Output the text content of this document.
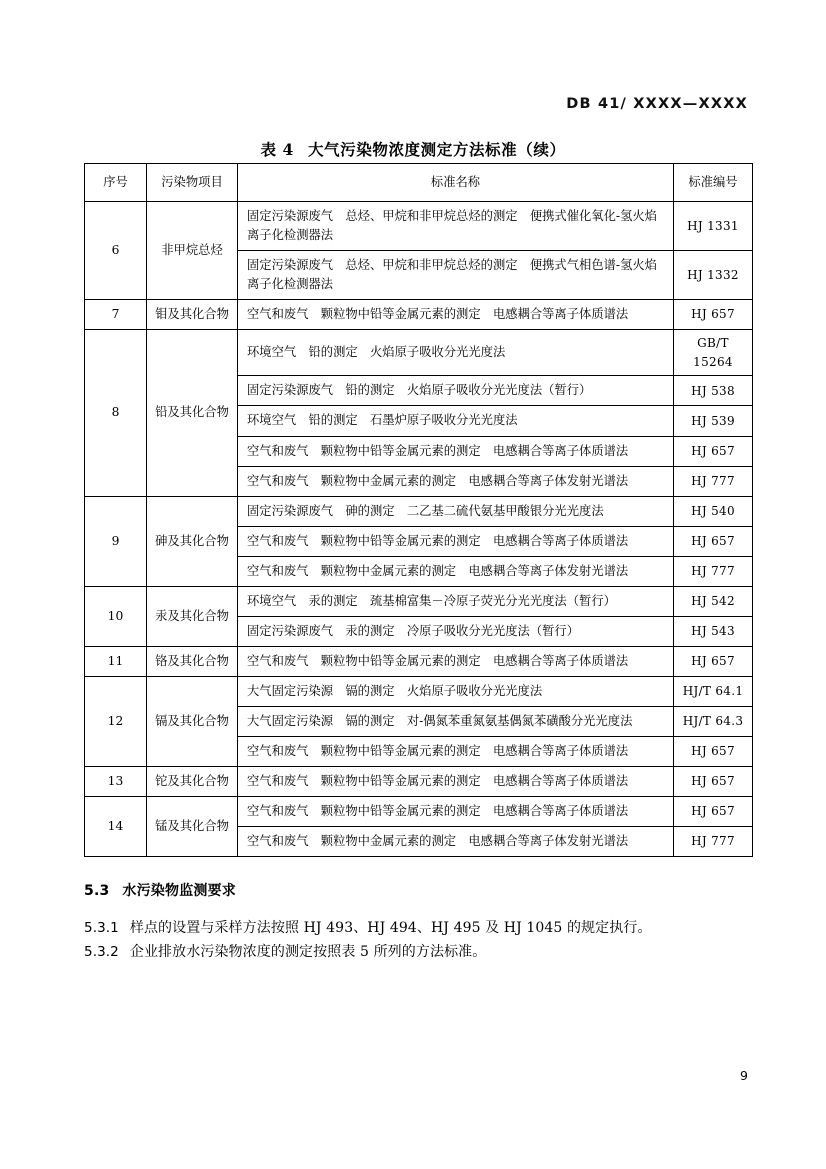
DB 41/ XXXX—XXXX
表 4 大气污染物浓度测定方法标准（续）
序号	污染物项目	标准名称	标准编号

6	非甲烷总烃	固定污染源废气　总烃、甲烷和非甲烷总烃的测定　便携式催化氧化-氢火焰离子化检测器法	HJ 1331

		固定污染源废气　总烃、甲烷和非甲烷总烃的测定　便携式气相色谱-氢火焰离子化检测器法	HJ 1332

7	钼及其化合物	空气和废气　颗粒物中铅等金属元素的测定　电感耦合等离子体质谱法	HJ 657

8	铅及其化合物	环境空气　铅的测定　火焰原子吸收分光光度法	GB/T 15264

		固定污染源废气　铅的测定　火焰原子吸收分光光度法（暂行）	HJ 538

		环境空气　铅的测定　石墨炉原子吸收分光光度法	HJ 539

		空气和废气　颗粒物中铅等金属元素的测定　电感耦合等离子体质谱法	HJ 657

		空气和废气　颗粒物中金属元素的测定　电感耦合等离子体发射光谱法	HJ 777

9	砷及其化合物	固定污染源废气　砷的测定　二乙基二硫代氨基甲酸银分光光度法	HJ 540

		空气和废气　颗粒物中铅等金属元素的测定　电感耦合等离子体质谱法	HJ 657

		空气和废气　颗粒物中金属元素的测定　电感耦合等离子体发射光谱法	HJ 777

10	汞及其化合物	环境空气　汞的测定　巯基棉富集－冷原子荧光分光光度法（暂行）	HJ 542

		固定污染源废气　汞的测定　冷原子吸收分光光度法（暂行）	HJ 543

11	铬及其化合物	空气和废气　颗粒物中铅等金属元素的测定　电感耦合等离子体质谱法	HJ 657

12	镉及其化合物	大气固定污染源　镉的测定　火焰原子吸收分光光度法	HJ/T 64.1

		大气固定污染源　镉的测定　对-偶氮苯重氮氨基偶氮苯磺酸分光光度法	HJ/T 64.3

		空气和废气　颗粒物中铅等金属元素的测定　电感耦合等离子体质谱法	HJ 657

13	铊及其化合物	空气和废气　颗粒物中铅等金属元素的测定　电感耦合等离子体质谱法	HJ 657

14	锰及其化合物	空气和废气　颗粒物中铅等金属元素的测定　电感耦合等离子体质谱法	HJ 657

		空气和废气　颗粒物中金属元素的测定　电感耦合等离子体发射光谱法	HJ 777
5.3 水污染物监测要求
5.3.1 样点的设置与采样方法按照 HJ 493、HJ 494、HJ 495 及 HJ 1045 的规定执行。
5.3.2 企业排放水污染物浓度的测定按照表 5 所列的方法标准。
9
